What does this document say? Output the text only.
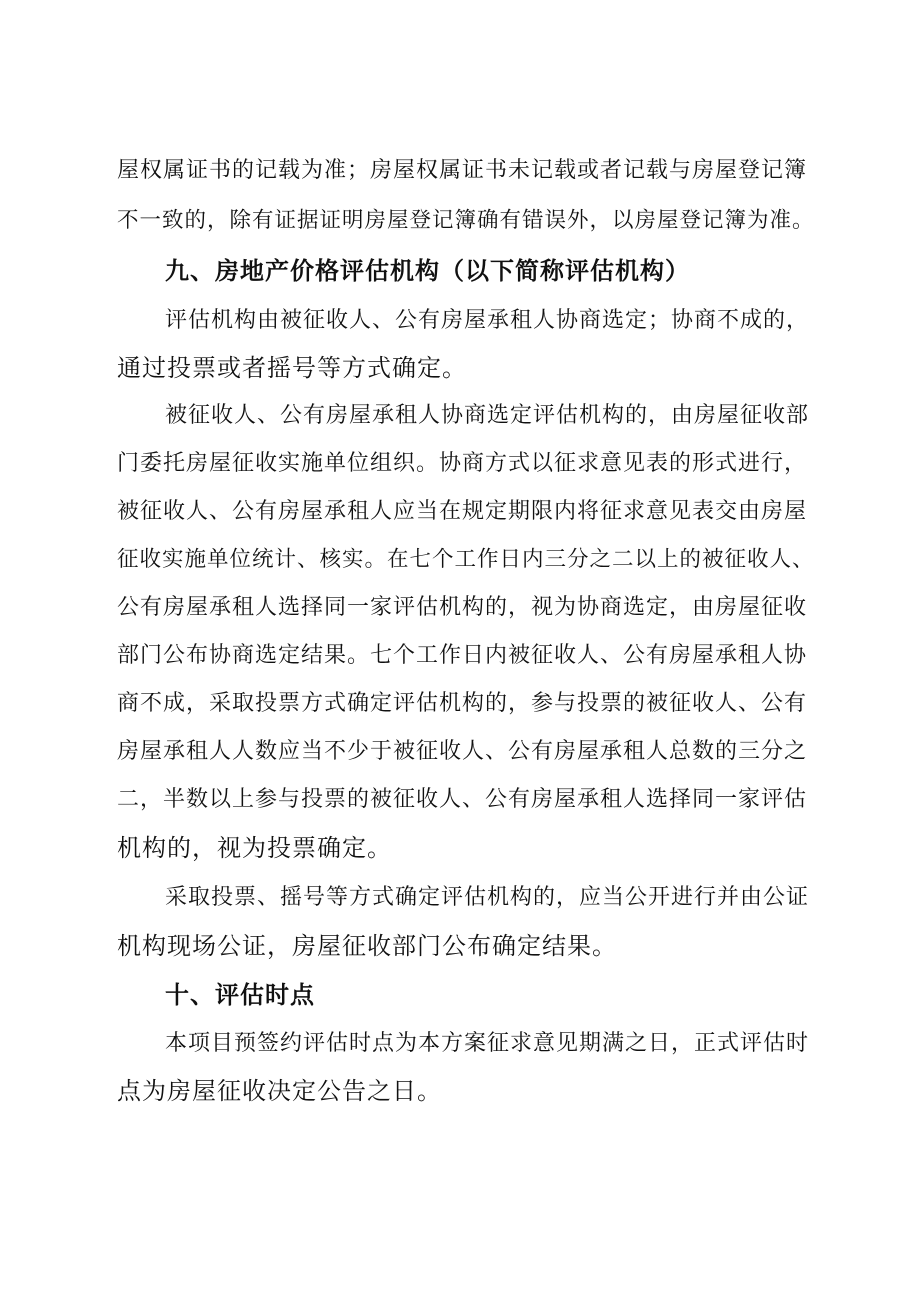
屋权属证书的记载为准；房屋权属证书未记载或者记载与房屋登记簿
不一致的，除有证据证明房屋登记簿确有错误外，以房屋登记簿为准。
九、房地产价格评估机构（以下简称评估机构）
评估机构由被征收人、公有房屋承租人协商选定；协商不成的，
通过投票或者摇号等方式确定。
被征收人、公有房屋承租人协商选定评估机构的，由房屋征收部
门委托房屋征收实施单位组织。协商方式以征求意见表的形式进行，
被征收人、公有房屋承租人应当在规定期限内将征求意见表交由房屋
征收实施单位统计、核实。在七个工作日内三分之二以上的被征收人、
公有房屋承租人选择同一家评估机构的，视为协商选定，由房屋征收
部门公布协商选定结果。七个工作日内被征收人、公有房屋承租人协
商不成，采取投票方式确定评估机构的，参与投票的被征收人、公有
房屋承租人人数应当不少于被征收人、公有房屋承租人总数的三分之
二，半数以上参与投票的被征收人、公有房屋承租人选择同一家评估
机构的，视为投票确定。
采取投票、摇号等方式确定评估机构的，应当公开进行并由公证
机构现场公证，房屋征收部门公布确定结果。
十、评估时点
本项目预签约评估时点为本方案征求意见期满之日，正式评估时
点为房屋征收决定公告之日。
